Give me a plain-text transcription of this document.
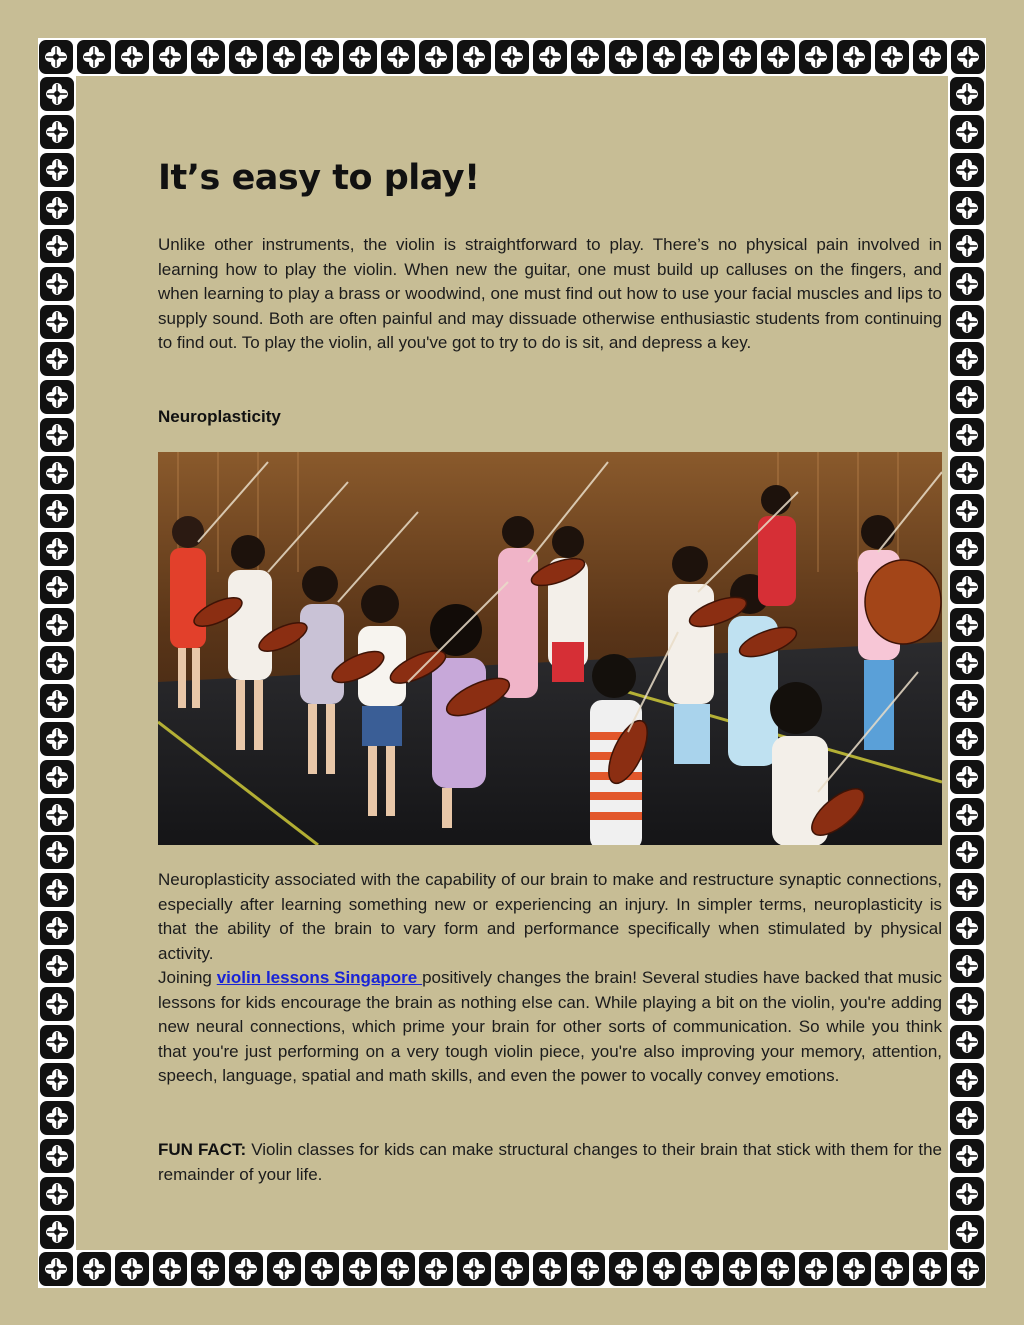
It’s easy to play!

Unlike other instruments, the violin is straightforward to play. There’s no physical pain involved in learning how to play the violin. When new the guitar, one must build up calluses on the fingers, and when learning to play a brass or woodwind, one must find out how to use your facial muscles and lips to supply sound. Both are often painful and may dissuade otherwise enthusiastic students from continuing to find out. To play the violin, all you've got to try to do is sit, and depress a key.

Neuroplasticity

Neuroplasticity associated with the capability of our brain to make and restructure synaptic connections, especially after learning something new or experiencing an injury. In simpler terms, neuroplasticity is that the ability of the brain to vary form and performance specifically when stimulated by physical activity.

Joining violin lessons Singapore positively changes the brain! Several studies have backed that music lessons for kids encourage the brain as nothing else can. While playing a bit on the violin, you're adding new neural connections, which prime your brain for other sorts of communication. So while you think that you're just performing on a very tough violin piece, you're also improving your memory, attention, speech, language, spatial and math skills, and even the power to vocally convey emotions.

FUN FACT: Violin classes for kids can make structural changes to their brain that stick with them for the remainder of your life.
